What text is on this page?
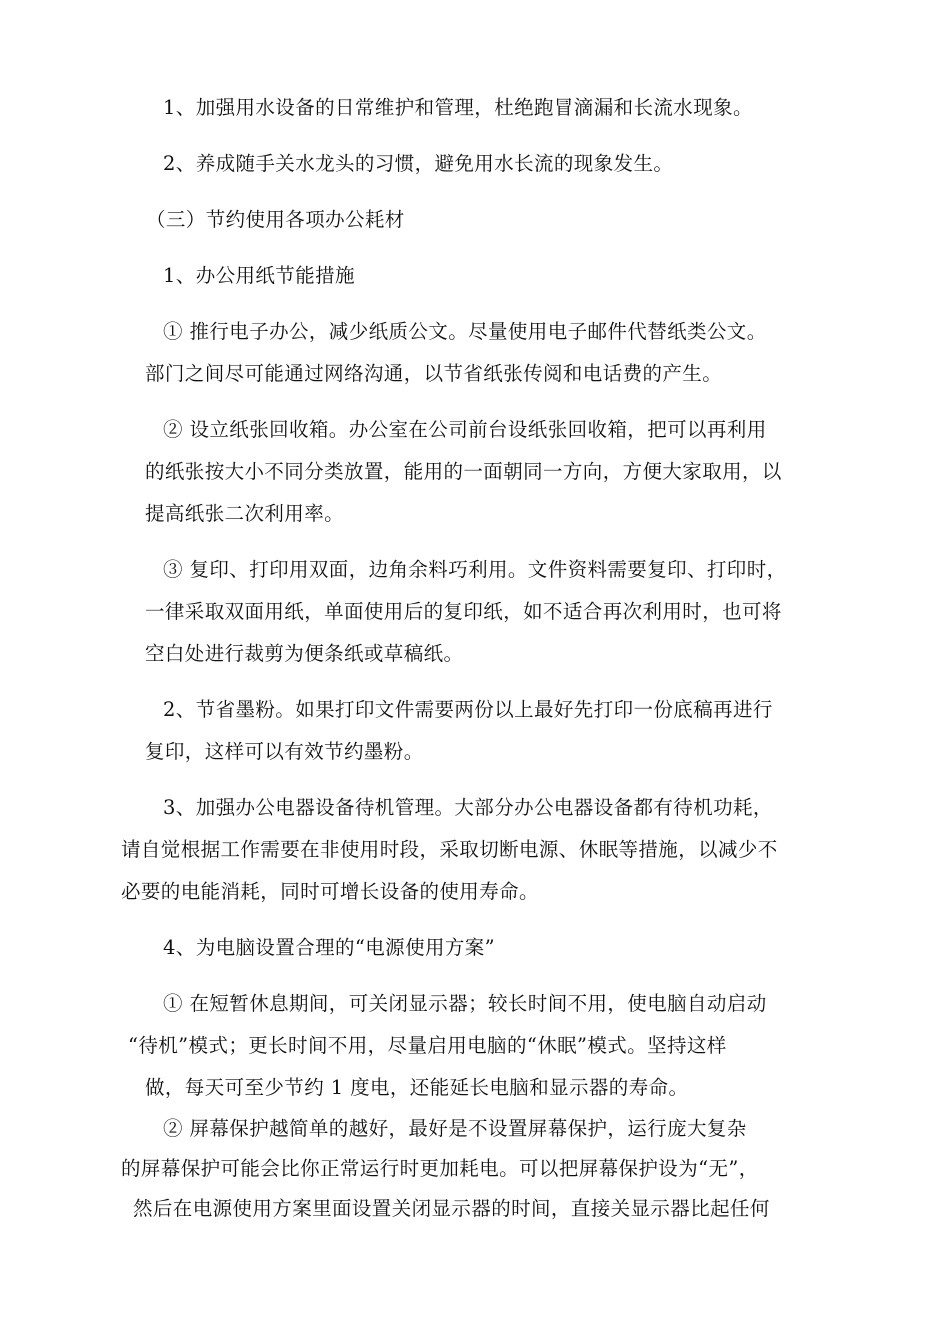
1、加强用水设备的日常维护和管理，杜绝跑冒滴漏和长流水现象。
2、养成随手关水龙头的习惯，避免用水长流的现象发生。
（三）节约使用各项办公耗材
1、办公用纸节能措施
① 推行电子办公，减少纸质公文。尽量使用电子邮件代替纸类公文。
部门之间尽可能通过网络沟通，以节省纸张传阅和电话费的产生。
② 设立纸张回收箱。办公室在公司前台设纸张回收箱，把可以再利用
的纸张按大小不同分类放置，能用的一面朝同一方向，方便大家取用，以
提高纸张二次利用率。
③ 复印、打印用双面，边角余料巧利用。文件资料需要复印、打印时，
一律采取双面用纸，单面使用后的复印纸，如不适合再次利用时，也可将
空白处进行裁剪为便条纸或草稿纸。
2、节省墨粉。如果打印文件需要两份以上最好先打印一份底稿再进行
复印，这样可以有效节约墨粉。
3、加强办公电器设备待机管理。大部分办公电器设备都有待机功耗，
请自觉根据工作需要在非使用时段，采取切断电源、休眠等措施，以减少不
必要的电能消耗，同时可增长设备的使用寿命。
4、为电脑设置合理的“电源使用方案”
① 在短暂休息期间，可关闭显示器；较长时间不用，使电脑自动启动
“待机”模式；更长时间不用，尽量启用电脑的“休眠”模式。坚持这样
做，每天可至少节约 1 度电，还能延长电脑和显示器的寿命。
② 屏幕保护越简单的越好，最好是不设置屏幕保护，运行庞大复杂
的屏幕保护可能会比你正常运行时更加耗电。可以把屏幕保护设为“无”，
然后在电源使用方案里面设置关闭显示器的时间，直接关显示器比起任何
